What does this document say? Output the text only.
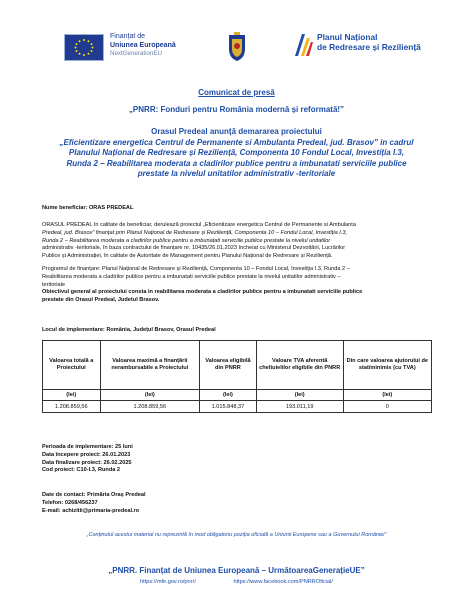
Finanțat de
Uniunea Europeană
NextGenerationEU
Planul Național
de Redresare și Reziliență
Comunicat de presă
„PNRR: Fonduri pentru România modernă și reformată!”
Orasul Predeal anunță demararea proiectului
„Eficientizare energetica Centrul de Permanente si Ambulanta Predeal, jud. Brasov” in cadrul
Planului Național de Redresare și Reziliență, Componenta 10 Fondul Local, Investiția I.3,
Runda 2 – Reabilitarea moderata a cladirilor publice pentru a imbunatati serviciile publice
prestate la nivelul unitatilor administrativ -teritoriale
Nume beneficiar: ORAS PREDEAL
ORASUL PREDEAL în calitate de beneficiar, derulează proiectul „Eficientizare energetica Centrul de Permanente si Ambulanta
Predeal, jud. Brasov” finanțat prin Planul Național de Redresare și Reziliență, Componenta 10 – Fondul Local, Investiția I.3,
Runda 2 – Reabilitarea moderata a cladirilor publice pentru a imbunatati serviciile publice prestate la nivelul unitatilor
administrativ -teritoriale, în baza contractului de finanțare nr. 10435/26.01.2023 încheiat cu Ministerul Dezvoltării, Lucrărilor
Publice și Administrației, în calitate de Autoritate de Management pentru Planului Național de Redresare și Reziliență.
Programul de finanțare: Planul Național de Redresare și Reziliență, Componenta 10 – Fondul Local, Investiția I.3, Runda 2 –
Reabilitarea moderata a cladirilor publice pentru a imbunatati serviciile publice prestate la nivelul unitatilor administrativ –
teritoriale
Obiectivul general al proiectului consta in reabilitarea moderata a cladirilor publice pentru a imbunatati serviciile publice
prestate din Orasul Predeal, Judetul Brasov.
Locul de implementare: România, Județul Brasov, Orasul Predeal
Valoarea totală a Proiectului	Valoarea maximă a finanțării nerambursabile a Proiectului	Valoarea eligibilă din PNRR	Valoare TVA aferentă cheltuielilor eligibile din PNRR	Din care valoarea ajutorului de stat/minimis (cu TVA)
(lei)	(lei)	(lei)	(lei)	(lei)
1.208.859,56	1.208.859,56	1.015.848,37	193.011,19	0
Perioada de implementare: 25 luni
Data începere proiect: 26.01.2023
Data finalizare proiect: 26.02.2025
Cod proiect: C10-I.3, Runda 2
Date de contact: Primăria Oraș Predeal
Telefon: 0268/456237
E-mail: achizitii@primaria-predeal.ro
„Conținutul acestui material nu reprezintă în mod obligatoriu poziția oficială a Uniunii Europene sau a Guvernului României”
„PNRR. Finanțat de Uniunea Europeană – UrmătoareaGenerațieUE”
https://mfe.gov.ro/pnrr/	https://www.facebook.com/PNRROficial/
